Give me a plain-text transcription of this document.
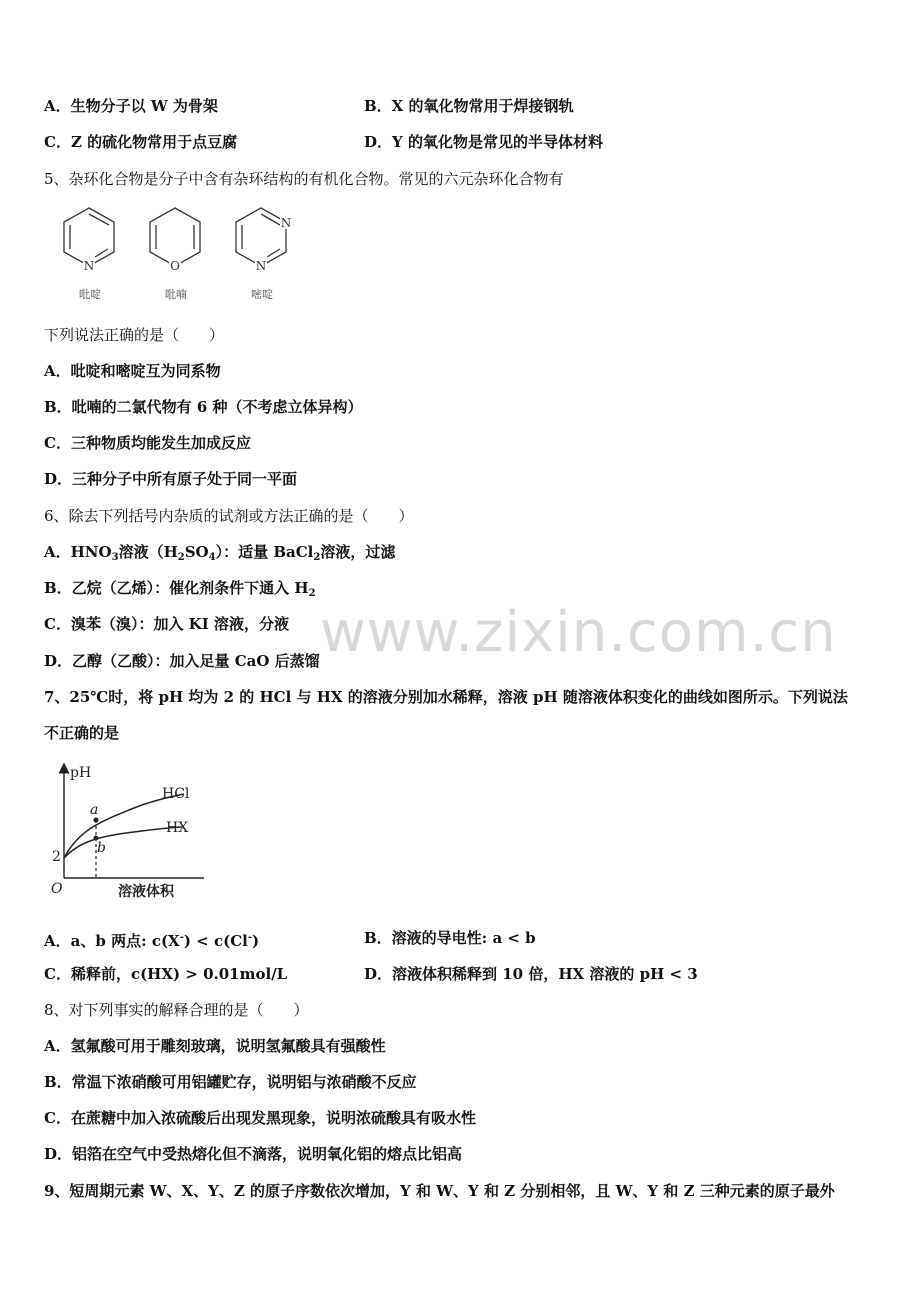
www.zixin.com.cn
A．生物分子以 W 为骨架	B．X 的氧化物常用于焊接钢轨
C．Z 的硫化物常用于点豆腐	D．Y 的氧化物是常见的半导体材料
5、杂环化合物是分子中含有杂环结构的有机化合物。常见的六元杂环化合物有
N
吡啶
O
吡喃
N
N
嘧啶
下列说法正确的是（　　）
A．吡啶和嘧啶互为同系物
B．吡喃的二氯代物有 6 种（不考虑立体异构）
C．三种物质均能发生加成反应
D．三种分子中所有原子处于同一平面
6、除去下列括号内杂质的试剂或方法正确的是（　　）
A．$HNO_3$溶液$(H_2SO_4)$：适量 BaCl$_2$溶液，过滤
B．乙烷（乙烯）：催化剂条件下通入 $H_2$
C．溴苯（溴）：加入 KI 溶液，分液
D．乙醇（乙酸）：加入足量 CaO 后蒸馏
7、25℃时，将 pH 均为 2 的 HCl 与 HX 的溶液分别加水稀释，溶液 pH 随溶液体积变化的曲线如图所示。下列说法
不正确的是
pH
O
2
a
b
HCl
HX
溶液体积
A．a、b 两点: c(X-) < c(Cl-)	B．溶液的导电性: a < b
C．稀释前，c(HX) > 0.01mol/L	D．溶液体积稀释到 10 倍，HX 溶液的 pH < 3
8、对下列事实的解释合理的是（　　）
A．氢氟酸可用于雕刻玻璃，说明氢氟酸具有强酸性
B．常温下浓硝酸可用铝罐贮存，说明铝与浓硝酸不反应
C．在蔗糖中加入浓硫酸后出现发黑现象，说明浓硫酸具有吸水性
D．铝箔在空气中受热熔化但不滴落，说明氧化铝的熔点比铝高
9、短周期元素 W、X、Y、Z 的原子序数依次增加，Y 和 W、Y 和 Z 分别相邻，且 W、Y 和 Z 三种元素的原子最外
